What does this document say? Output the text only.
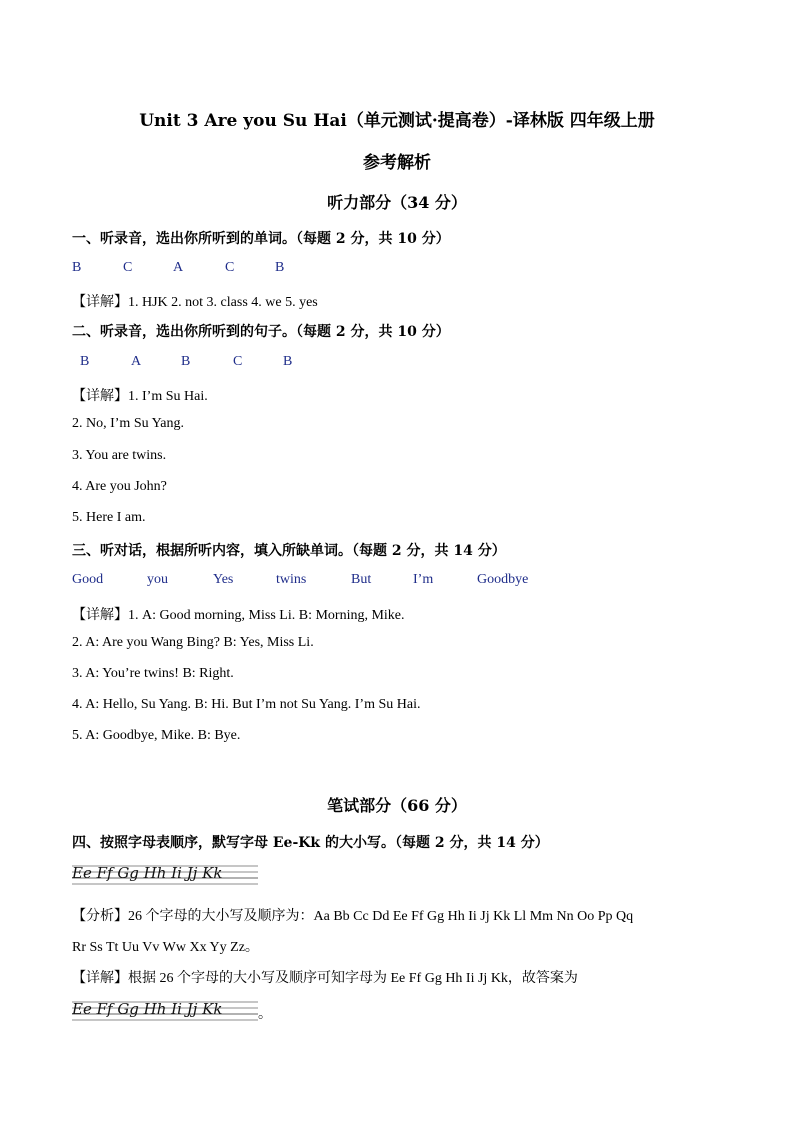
Unit 3 Are you Su Hai（单元测试·提高卷）-译林版 四年级上册
参考解析
听力部分（34 分）
一、听录音，选出你所听到的单词。（每题 2 分，共 10 分）
B	C	A	C	B
【详解】1. HJK 2. not 3. class 4. we 5. yes
二、听录音，选出你所听到的句子。（每题 2 分，共 10 分）
B	A	B	C	B
【详解】1. I’m Su Hai.
2. No, I’m Su Yang.
3. You are twins.
4. Are you John?
5. Here I am.
三、听对话，根据所听内容，填入所缺单词。（每题 2 分，共 14 分）
Good	you	Yes	twins	But	I’m	Goodbye
【详解】1. A: Good morning, Miss Li. B: Morning, Mike.
2. A: Are you Wang Bing? B: Yes, Miss Li.
3. A: You’re twins! B: Right.
4. A: Hello, Su Yang. B: Hi. But I’m not Su Yang. I’m Su Hai.
5. A: Goodbye, Mike. B: Bye.
笔试部分（66 分）
四、按照字母表顺序，默写字母 Ee-Kk 的大小写。（每题 2 分，共 14 分）
Ee Ff Gg Hh Ii Jj Kk
【分析】26 个字母的大小写及顺序为：Aa Bb Cc Dd Ee Ff Gg Hh Ii Jj Kk Ll Mm Nn Oo Pp Qq
Rr Ss Tt Uu Vv Ww Xx Yy Zz。
【详解】根据 26 个字母的大小写及顺序可知字母为 Ee Ff Gg Hh Ii Jj Kk，故答案为
Ee Ff Gg Hh Ii Jj Kk	。
